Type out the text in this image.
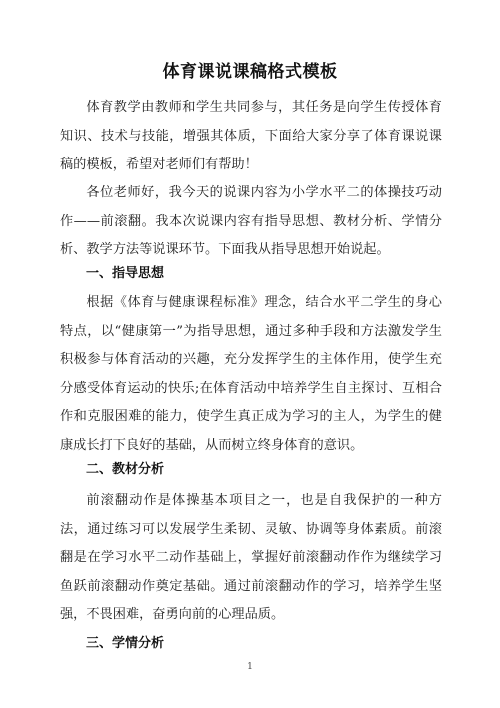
体育课说课稿格式模板

体育教学由教师和学生共同参与，其任务是向学生传授体育知识、技术与技能，增强其体质，下面给大家分享了体育课说课稿的模板，希望对老师们有帮助！

各位老师好，我今天的说课内容为小学水平二的体操技巧动作——前滚翻。我本次说课内容有指导思想、教材分析、学情分析、教学方法等说课环节。下面我从指导思想开始说起。

一、指导思想

根据《体育与健康课程标准》理念，结合水平二学生的身心特点，以“健康第一”为指导思想，通过多种手段和方法激发学生积极参与体育活动的兴趣，充分发挥学生的主体作用，使学生充分感受体育运动的快乐;在体育活动中培养学生自主探讨、互相合作和克服困难的能力，使学生真正成为学习的主人，为学生的健康成长打下良好的基础，从而树立终身体育的意识。

二、教材分析

前滚翻动作是体操基本项目之一，也是自我保护的一种方法，通过练习可以发展学生柔韧、灵敏、协调等身体素质。前滚翻是在学习水平二动作基础上，掌握好前滚翻动作作为继续学习鱼跃前滚翻动作奠定基础。通过前滚翻动作的学习，培养学生坚强，不畏困难，奋勇向前的心理品质。

三、学情分析
1
